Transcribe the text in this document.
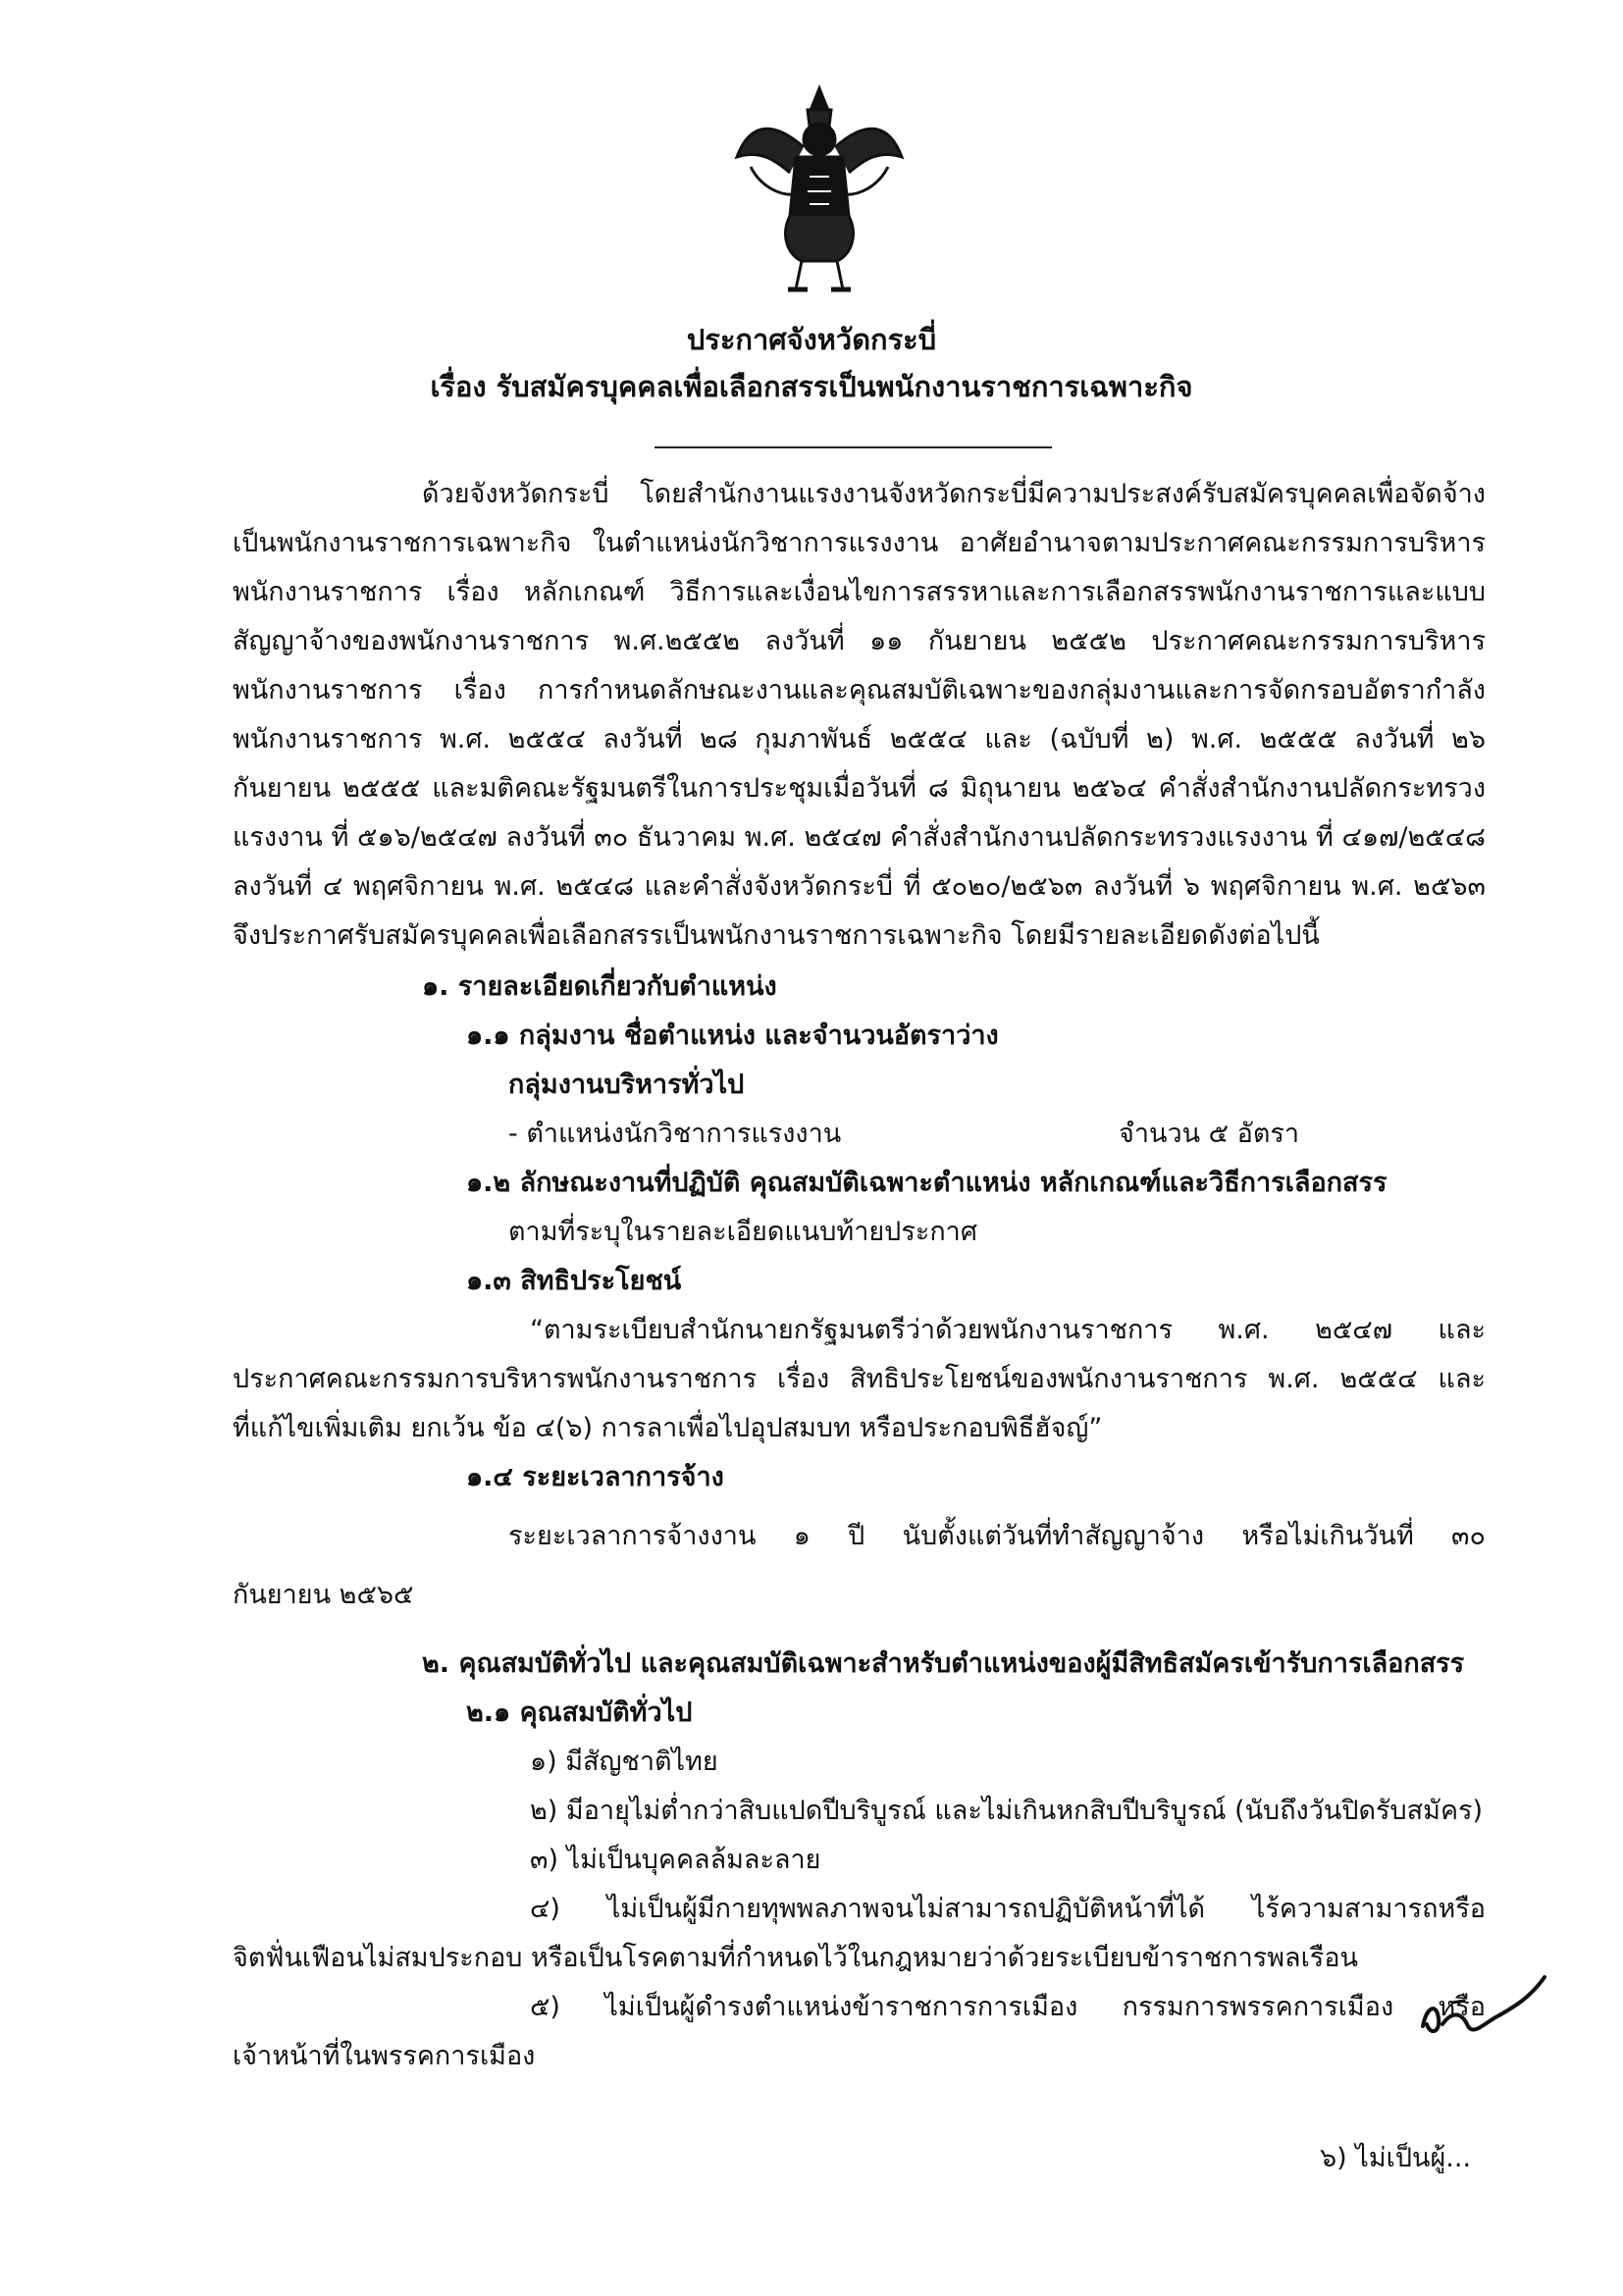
ประกาศจังหวัดกระบี่
เรื่อง รับสมัครบุคคลเพื่อเลือกสรรเป็นพนักงานราชการเฉพาะกิจ
ด้วยจังหวัดกระบี่ โดยสำนักงานแรงงานจังหวัดกระบี่มีความประสงค์รับสมัครบุคคลเพื่อจัดจ้าง
เป็นพนักงานราชการเฉพาะกิจ ในตำแหน่งนักวิชาการแรงงาน อาศัยอำนาจตามประกาศคณะกรรมการบริหาร
พนักงานราชการ เรื่อง หลักเกณฑ์ วิธีการและเงื่อนไขการสรรหาและการเลือกสรรพนักงานราชการและแบบ
สัญญาจ้างของพนักงานราชการ พ.ศ.๒๕๕๒ ลงวันที่ ๑๑ กันยายน ๒๕๕๒ ประกาศคณะกรรมการบริหาร
พนักงานราชการ เรื่อง การกำหนดลักษณะงานและคุณสมบัติเฉพาะของกลุ่มงานและการจัดกรอบอัตรากำลัง
พนักงานราชการ พ.ศ. ๒๕๕๔ ลงวันที่ ๒๘ กุมภาพันธ์ ๒๕๕๔ และ (ฉบับที่ ๒) พ.ศ. ๒๕๕๕ ลงวันที่ ๒๖
กันยายน ๒๕๕๕ และมติคณะรัฐมนตรีในการประชุมเมื่อวันที่ ๘ มิถุนายน ๒๕๖๔ คำสั่งสำนักงานปลัดกระทรวง
แรงงาน ที่ ๕๑๖/๒๕๔๗ ลงวันที่ ๓๐ ธันวาคม พ.ศ. ๒๕๔๗ คำสั่งสำนักงานปลัดกระทรวงแรงงาน ที่ ๔๑๗/๒๕๔๘
ลงวันที่ ๔ พฤศจิกายน พ.ศ. ๒๕๔๘ และคำสั่งจังหวัดกระบี่ ที่ ๕๐๒๐/๒๕๖๓ ลงวันที่ ๖ พฤศจิกายน พ.ศ. ๒๕๖๓
จึงประกาศรับสมัครบุคคลเพื่อเลือกสรรเป็นพนักงานราชการเฉพาะกิจ โดยมีรายละเอียดดังต่อไปนี้
๑. รายละเอียดเกี่ยวกับตำแหน่ง
๑.๑ กลุ่มงาน ชื่อตำแหน่ง และจำนวนอัตราว่าง
กลุ่มงานบริหารทั่วไป
- ตำแหน่งนักวิชาการแรงงาน	จำนวน ๕ อัตรา
๑.๒ ลักษณะงานที่ปฏิบัติ คุณสมบัติเฉพาะตำแหน่ง หลักเกณฑ์และวิธีการเลือกสรร
ตามที่ระบุในรายละเอียดแนบท้ายประกาศ
๑.๓ สิทธิประโยชน์
“ตามระเบียบสำนักนายกรัฐมนตรีว่าด้วยพนักงานราชการ พ.ศ. ๒๕๔๗ และ
ประกาศคณะกรรมการบริหารพนักงานราชการ เรื่อง สิทธิประโยชน์ของพนักงานราชการ พ.ศ. ๒๕๕๔ และ
ที่แก้ไขเพิ่มเติม ยกเว้น ข้อ ๔(๖) การลาเพื่อไปอุปสมบท หรือประกอบพิธีฮัจญ์”
๑.๔ ระยะเวลาการจ้าง
ระยะเวลาการจ้างงาน ๑ ปี นับตั้งแต่วันที่ทำสัญญาจ้าง หรือไม่เกินวันที่ ๓๐
กันยายน ๒๕๖๕
๒. คุณสมบัติทั่วไป และคุณสมบัติเฉพาะสำหรับตำแหน่งของผู้มีสิทธิสมัครเข้ารับการเลือกสรร
๒.๑ คุณสมบัติทั่วไป
๑) มีสัญชาติไทย
๒) มีอายุไม่ต่ำกว่าสิบแปดปีบริบูรณ์ และไม่เกินหกสิบปีบริบูรณ์ (นับถึงวันปิดรับสมัคร)
๓) ไม่เป็นบุคคลล้มละลาย
๔) ไม่เป็นผู้มีกายทุพพลภาพจนไม่สามารถปฏิบัติหน้าที่ได้ ไร้ความสามารถหรือ
จิตฟั่นเฟือนไม่สมประกอบ หรือเป็นโรคตามที่กำหนดไว้ในกฎหมายว่าด้วยระเบียบข้าราชการพลเรือน
๕) ไม่เป็นผู้ดำรงตำแหน่งข้าราชการการเมือง กรรมการพรรคการเมือง หรือ
เจ้าหน้าที่ในพรรคการเมือง
๖) ไม่เป็นผู้...
